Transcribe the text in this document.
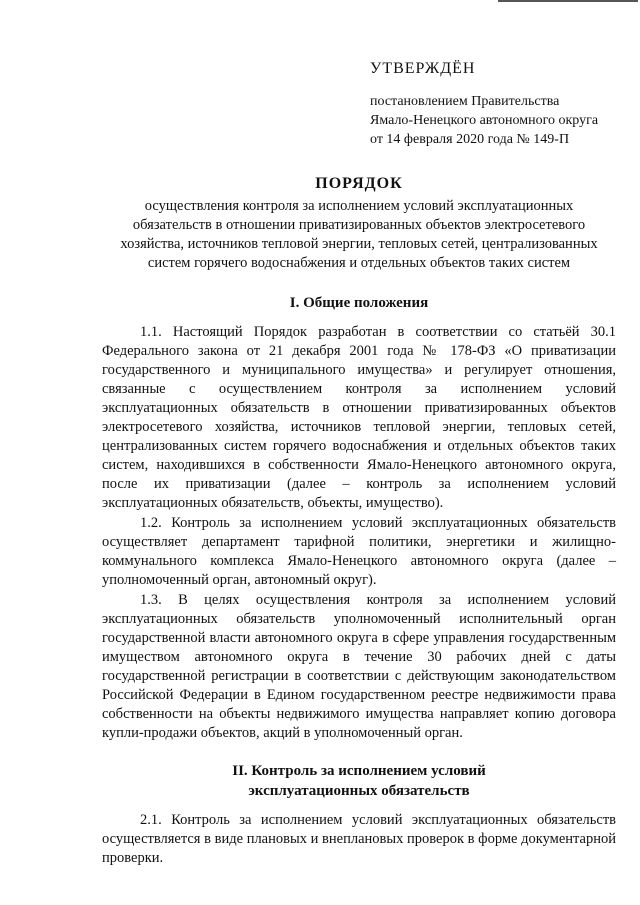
УТВЕРЖДЁН
постановлением Правительства
Ямало-Ненецкого автономного округа
от 14 февраля 2020 года № 149-П
ПОРЯДОК
осуществления контроля за исполнением условий эксплуатационных
обязательств в отношении приватизированных объектов электросетевого
хозяйства, источников тепловой энергии, тепловых сетей, централизованных
систем горячего водоснабжения и отдельных объектов таких систем
I. Общие положения

1.1. Настоящий Порядок разработан в соответствии со статьёй 30.1 Федерального закона от 21 декабря 2001 года № 178-ФЗ «О приватизации государственного и муниципального имущества» и регулирует отношения, связанные с осуществлением контроля за исполнением условий эксплуатационных обязательств в отношении приватизированных объектов электросетевого хозяйства, источников тепловой энергии, тепловых сетей, централизованных систем горячего водоснабжения и отдельных объектов таких систем, находившихся в собственности Ямало-Ненецкого автономного округа, после их приватизации (далее – контроль за исполнением условий эксплуатационных обязательств, объекты, имущество).

1.2. Контроль за исполнением условий эксплуатационных обязательств осуществляет департамент тарифной политики, энергетики и жилищно-коммунального комплекса Ямало-Ненецкого автономного округа (далее – уполномоченный орган, автономный округ).

1.3. В целях осуществления контроля за исполнением условий эксплуатационных обязательств уполномоченный исполнительный орган государственной власти автономного округа в сфере управления государственным имуществом автономного округа в течение 30 рабочих дней с даты государственной регистрации в соответствии с действующим законодательством Российской Федерации в Едином государственном реестре недвижимости права собственности на объекты недвижимого имущества направляет копию договора купли-продажи объектов, акций в уполномоченный орган.

II. Контроль за исполнением условий
эксплуатационных обязательств

2.1. Контроль за исполнением условий эксплуатационных обязательств осуществляется в виде плановых и внеплановых проверок в форме документарной проверки.
